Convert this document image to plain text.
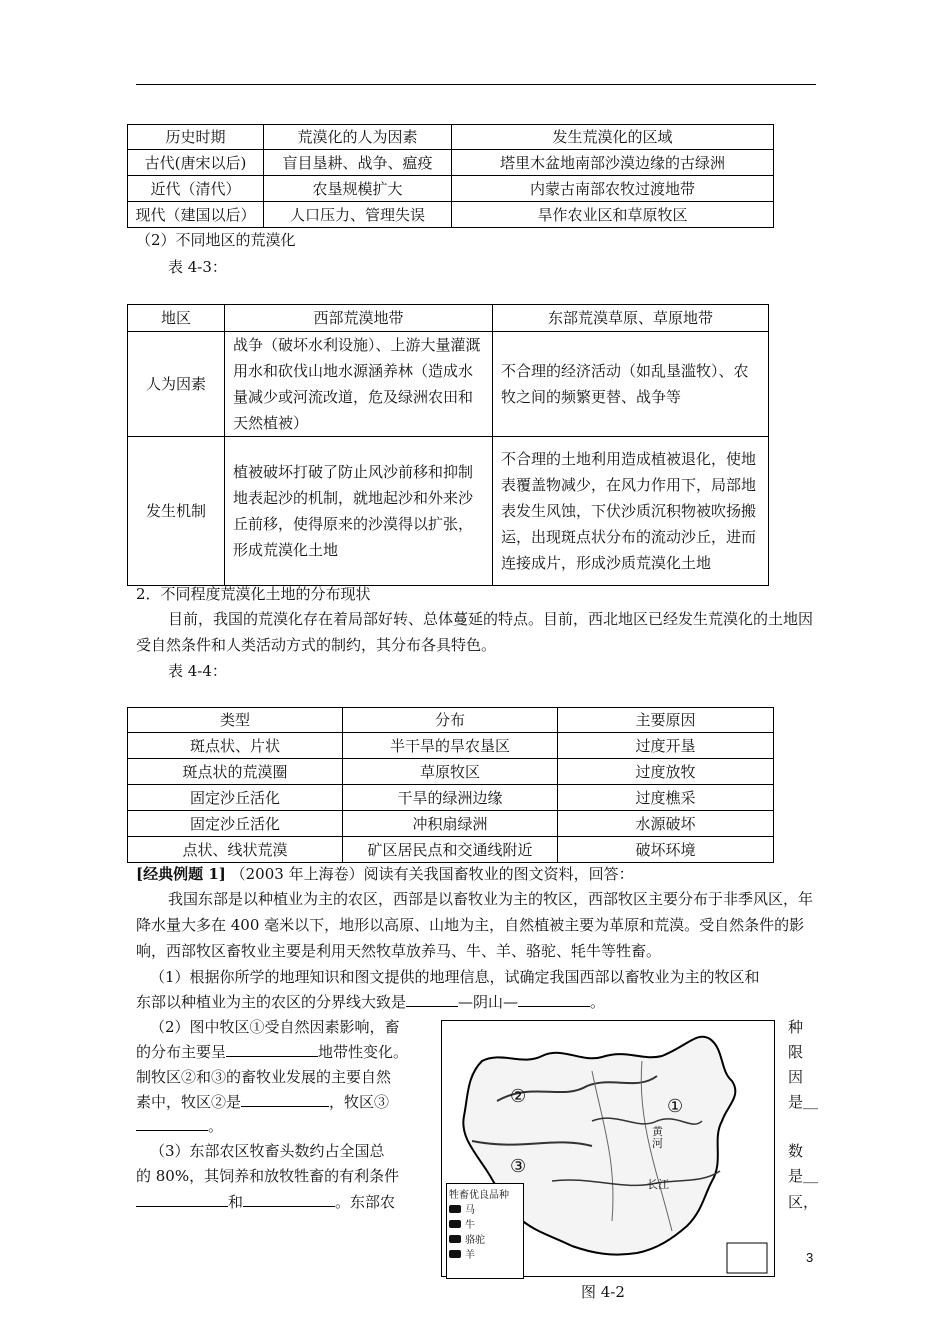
历史时期	荒漠化的人为因素	发生荒漠化的区域
古代(唐宋以后)	盲目垦耕、战争、瘟疫	塔里木盆地南部沙漠边缘的古绿洲
近代（清代）	农垦规模扩大	内蒙古南部农牧过渡地带
现代（建国以后）	人口压力、管理失误	旱作农业区和草原牧区
（2）不同地区的荒漠化
表 4-3：
地区	西部荒漠地带	东部荒漠草原、草原地带
人为因素	战争（破坏水利设施）、上游大量灌溉用水和砍伐山地水源涵养林（造成水量减少或河流改道，危及绿洲农田和天然植被）	不合理的经济活动（如乱垦滥牧）、农牧之间的频繁更替、战争等
发生机制	植被破坏打破了防止风沙前移和抑制地表起沙的机制，就地起沙和外来沙丘前移，使得原来的沙漠得以扩张，形成荒漠化土地	不合理的土地利用造成植被退化，使地表覆盖物减少，在风力作用下，局部地表发生风蚀，下伏沙质沉积物被吹扬搬运，出现斑点状分布的流动沙丘，进而连接成片，形成沙质荒漠化土地
2．不同程度荒漠化土地的分布现状
目前，我国的荒漠化存在着局部好转、总体蔓延的特点。目前，西北地区已经发生荒漠化的土地因受自然条件和人类活动方式的制约，其分布各具特色。
表 4-4：
类型	分布	主要原因
斑点状、片状	半干旱的旱农垦区	过度开垦
斑点状的荒漠圈	草原牧区	过度放牧
固定沙丘活化	干旱的绿洲边缘	过度樵采
固定沙丘活化	冲积扇绿洲	水源破坏
点状、线状荒漠	矿区居民点和交通线附近	破坏环境
[经典例题 1] （2003 年上海卷）阅读有关我国畜牧业的图文资料，回答：
我国东部是以种植业为主的农区，西部是以畜牧业为主的牧区，西部牧区主要分布于非季风区，年降水量大多在 400 毫米以下，地形以高原、山地为主，自然植被主要为革原和荒漠。受自然条件的影响，西部牧区畜牧业主要是利用天然牧草放养马、牛、羊、骆驼、牦牛等牲畜。
（1）根据你所学的地理知识和图文提供的地理信息，试确定我国西部以畜牧业为主的牧区和
东部以种植业为主的农区的分界线大致是	—阴山—	。
（2）图中牧区①受自然因素影响，畜
的分布主要呈	地带性变化。
制牧区②和③的畜牧业发展的主要自然
素中，牧区②是	，牧区③
。
（3）东部农区牧畜头数约占全国总
的 80%，其饲养和放牧牲畜的有利条件
和	。东部农
种
限
因
是＿
数
是＿
区，
②	①
③
黄河
长江
牲畜优良品种
马
牛
骆驼
羊
图 4-2
3
